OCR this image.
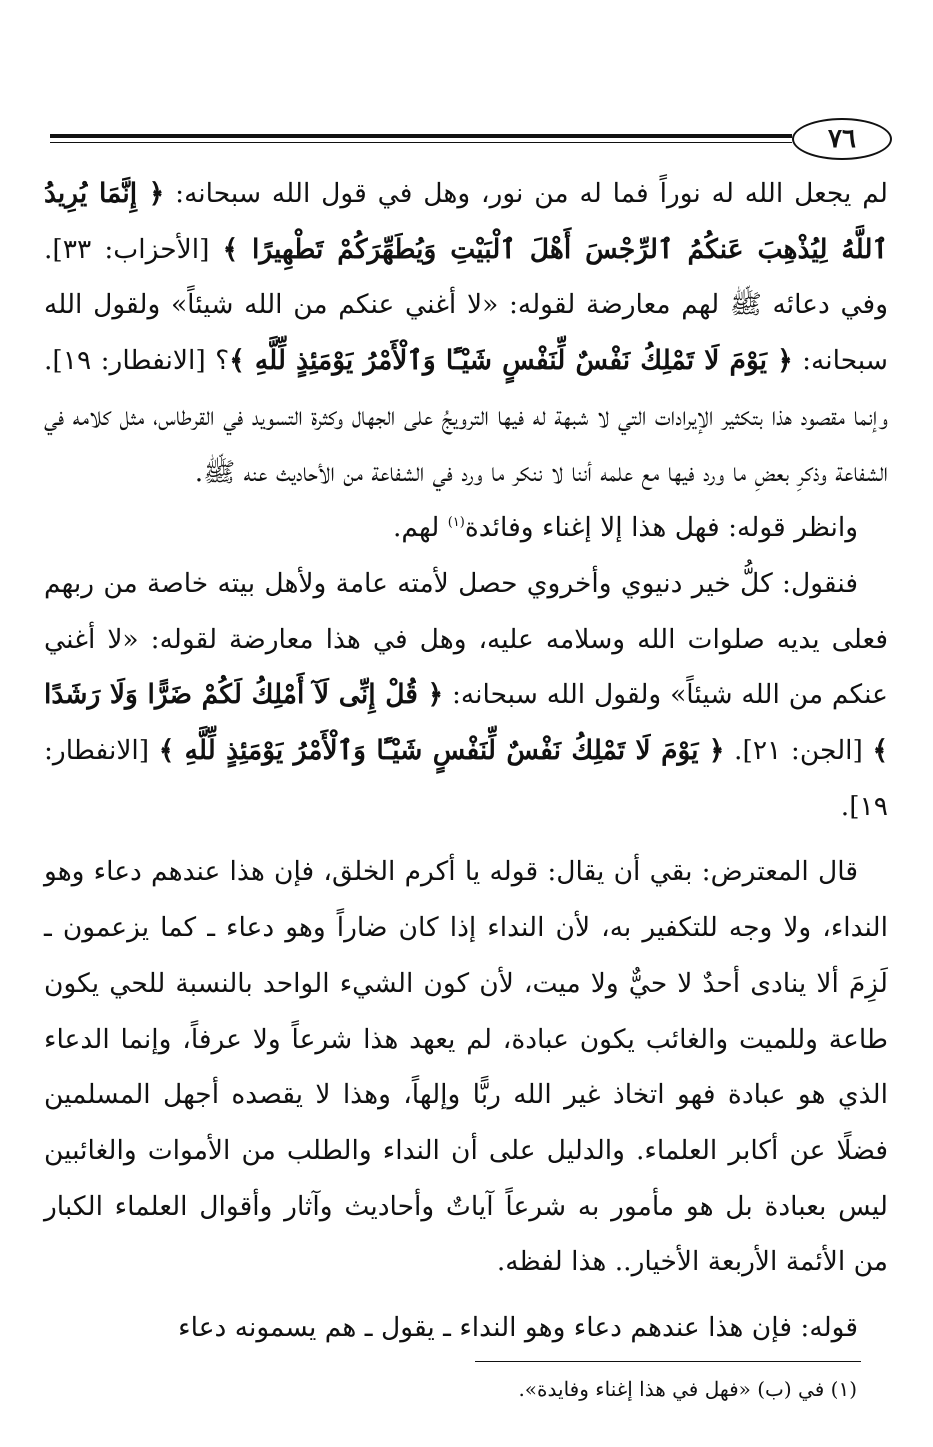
٧٦

لم يجعل الله له نوراً فما له من نور، وهل في قول الله سبحانه: ﴿ إِنَّمَا يُرِيدُ ٱللَّهُ لِيُذْهِبَ عَنكُمُ ٱلرِّجْسَ أَهْلَ ٱلْبَيْتِ وَيُطَهِّرَكُمْ تَطْهِيرًا ﴾ [الأحزاب: ٣٣]. وفي دعائه ﷺ لهم معارضة لقوله: «لا أغني عنكم من الله شيئاً» ولقول الله سبحانه: ﴿ يَوْمَ لَا تَمْلِكُ نَفْسٌ لِّنَفْسٍ شَيْـًٔا وَٱلْأَمْرُ يَوْمَئِذٍ لِّلَّهِ ﴾؟ [الانفطار: ١٩]. وإنما مقصود هذا بتكثير الإيرادات التي لا شبهة له فيها الترويجُ على الجهال وكثرة التسويد في القرطاس، مثل كلامه في الشفاعة وذكرِ بعضِ ما ورد فيها مع علمه أننا لا ننكر ما ورد في الشفاعة من الأحاديث عنه ﷺ.

وانظر قوله: فهل هذا إلا إغناء وفائدة$^{(١)}$ لهم.

فنقول: كلُّ خير دنيوي وأخروي حصل لأمته عامة ولأهل بيته خاصة من ربهم فعلى يديه صلوات الله وسلامه عليه، وهل في هذا معارضة لقوله: «لا أغني عنكم من الله شيئاً» ولقول الله سبحانه: ﴿ قُلْ إِنِّى لَآ أَمْلِكُ لَكُمْ ضَرًّا وَلَا رَشَدًا ﴾ [الجن: ٢١]. ﴿ يَوْمَ لَا تَمْلِكُ نَفْسٌ لِّنَفْسٍ شَيْـًٔا وَٱلْأَمْرُ يَوْمَئِذٍ لِّلَّهِ ﴾ [الانفطار: ١٩].

قال المعترض: بقي أن يقال: قوله يا أكرم الخلق، فإن هذا عندهم دعاء وهو النداء، ولا وجه للتكفير به، لأن النداء إذا كان ضاراً وهو دعاء ـ كما يزعمون ـ لَزِمَ ألا ينادى أحدٌ لا حيٌّ ولا ميت، لأن كون الشيء الواحد بالنسبة للحي يكون طاعة وللميت والغائب يكون عبادة، لم يعهد هذا شرعاً ولا عرفاً، وإنما الدعاء الذي هو عبادة فهو اتخاذ غير الله ربًّا وإلهاً، وهذا لا يقصده أجهل المسلمين فضلًا عن أكابر العلماء. والدليل على أن النداء والطلب من الأموات والغائبين ليس بعبادة بل هو مأمور به شرعاً آياتٌ وأحاديث وآثار وأقوال العلماء الكبار من الأئمة الأربعة الأخيار.. هذا لفظه.

قوله: فإن هذا عندهم دعاء وهو النداء ـ يقول ـ هم يسمونه دعاء

(١) في (ب) «فهل في هذا إغناء وفايدة».
